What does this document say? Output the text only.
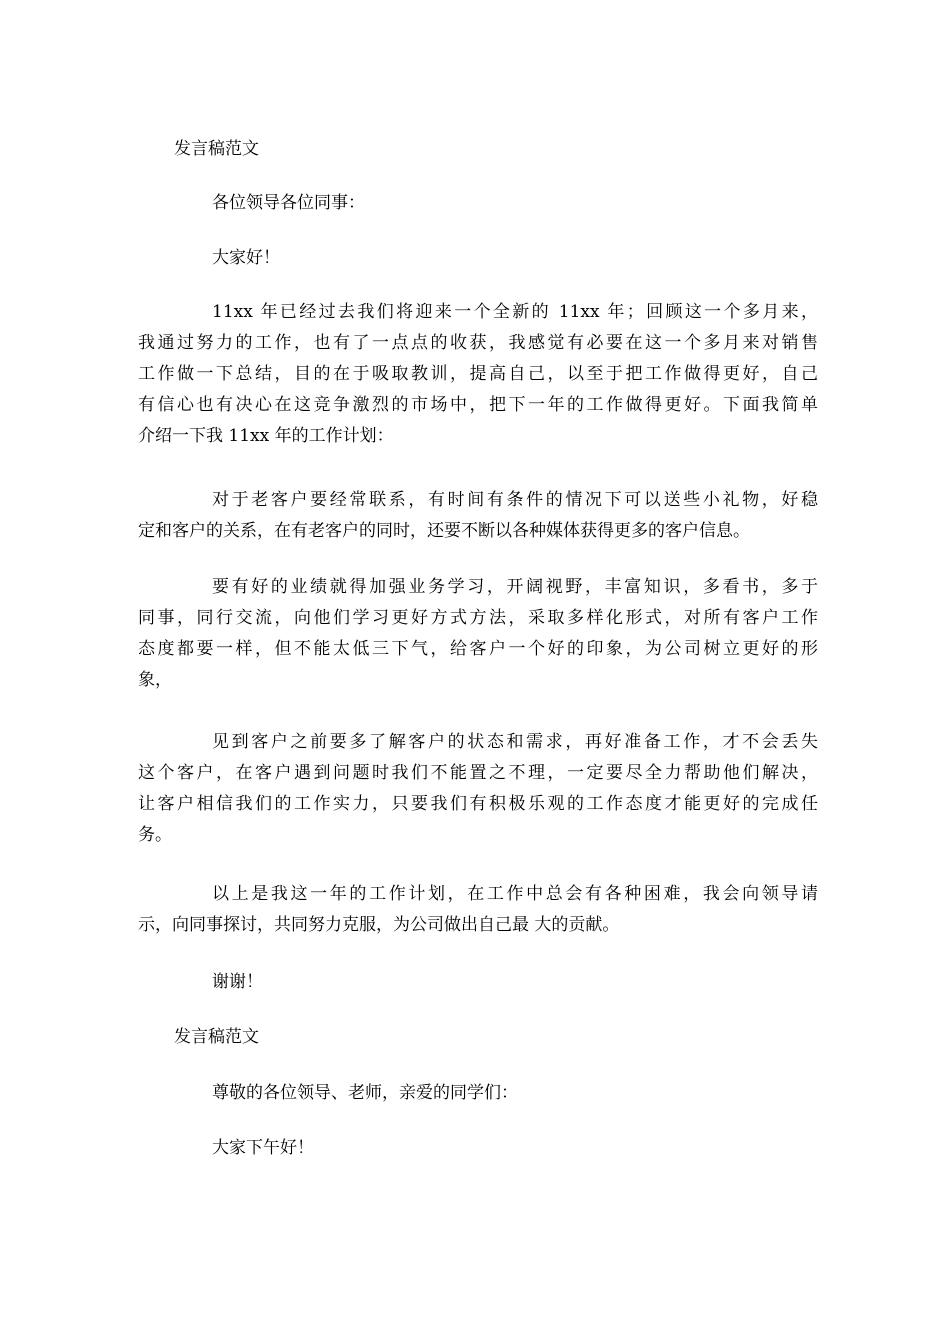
发言稿范文

各位领导各位同事：

大家好！

11xx 年已经过去我们将迎来一个全新的 11xx 年；回顾这一个多月来，
我通过努力的工作，也有了一点点的收获，我感觉有必要在这一个多月来对销售
工作做一下总结，目的在于吸取教训，提高自己，以至于把工作做得更好，自己
有信心也有决心在这竞争激烈的市场中，把下一年的工作做得更好。下面我简单
介绍一下我 11xx 年的工作计划：
对于老客户要经常联系，有时间有条件的情况下可以送些小礼物，好稳
定和客户的关系，在有老客户的同时，还要不断以各种媒体获得更多的客户信息。
要有好的业绩就得加强业务学习，开阔视野，丰富知识，多看书，多于
同事，同行交流，向他们学习更好方式方法，采取多样化形式，对所有客户工作
态度都要一样，但不能太低三下气，给客户一个好的印象，为公司树立更好的形
象，
见到客户之前要多了解客户的状态和需求，再好准备工作，才不会丢失
这个客户，在客户遇到问题时我们不能置之不理，一定要尽全力帮助他们解决，
让客户相信我们的工作实力，只要我们有积极乐观的工作态度才能更好的完成任
务。
以上是我这一年的工作计划，在工作中总会有各种困难，我会向领导请
示，向同事探讨，共同努力克服，为公司做出自己最 大的贡献。

谢谢！

发言稿范文

尊敬的各位领导、老师，亲爱的同学们：

大家下午好！
